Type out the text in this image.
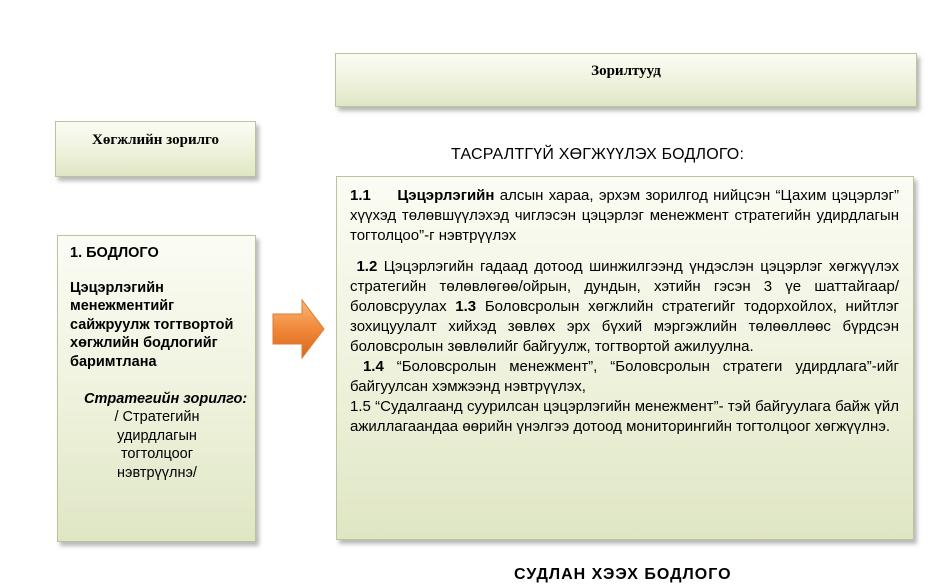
Зорилтууд
Хөгжлийн зорилго
ТАСРАЛТГҮЙ ХӨГЖҮҮЛЭХ БОДЛОГО:

1. БОДЛОГО

Цэцэрлэгийн менежментийг сайжруулж тогтвортой хөгжлийн бодлогийг баримтлана

Стратегийн зорилго:

/ Стратегийн удирдлагын тогтолцоог нэвтрүүлнэ/

1.1 Цэцэрлэгийн алсын хараа, эрхэм зорилгод нийцсэн “Цахим цэцэрлэг” хүүхэд төлөвшүүлэхэд чиглэсэн цэцэрлэг менежмент стратегийн удирдлагын тогтолцоо”-г нэвтрүүлэх

1.2 Цэцэрлэгийн гадаад дотоод шинжилгээнд үндэслэн цэцэрлэг хөгжүүлэх стратегийн төлөвлөгөө/ойрын, дундын, хэтийн гэсэн 3 үе шаттайгаар/ боловсруулах 1.3 Боловсролын хөгжлийн стратегийг тодорхойлох, нийтлэг зохицуулалт хийхэд зөвлөх эрх бүхий мэргэжлийн төлөөллөөс бүрдсэн боловсролын зөвлөлийг байгуулж, тогтвортой ажилуулна.

1.4 “Боловсролын менежмент”, “Боловсролын стратеги удирдлага”-ийг байгуулсан хэмжээнд нэвтрүүлэх,

1.5 “Судалгаанд суурилсан цэцэрлэгийн менежмент”- тэй байгуулага байж үйл ажиллагаандаа өөрийн үнэлгээ дотоод мониторингийн тогтолцоог хөгжүүлнэ.

СУДЛАН ХЭЭХ БОДЛОГО
